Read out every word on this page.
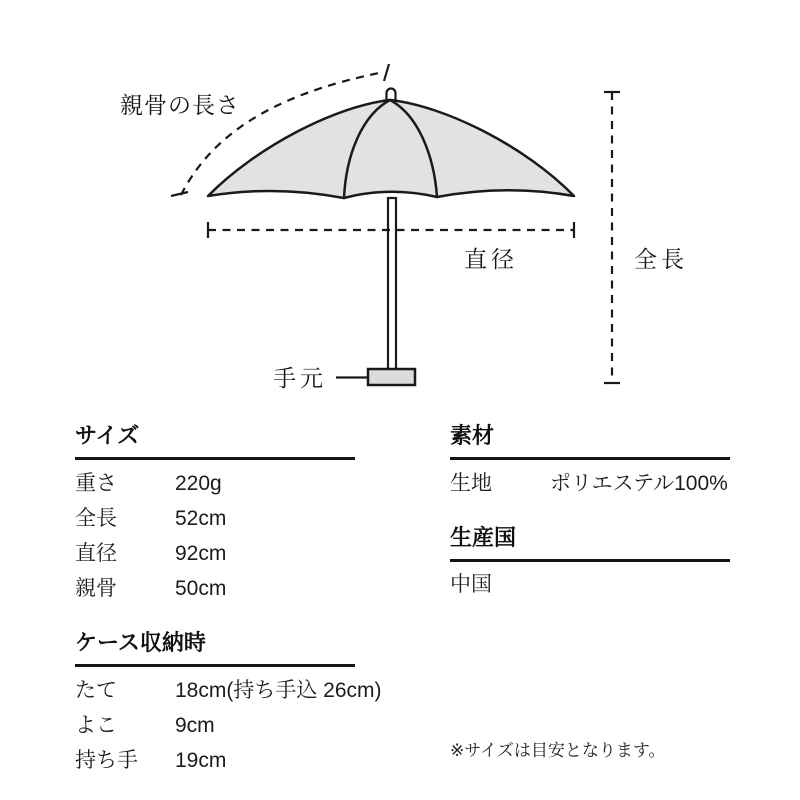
親骨の長さ
直径	全長
手元
サイズ
重さ	220g
全長	52cm
直径	92cm
親骨	50cm
ケース収納時
たて	18cm(持ち手込 26cm)
よこ	9cm
持ち手	19cm
素材
生地	ポリエステル100%
生産国
中国
※サイズは目安となります。
